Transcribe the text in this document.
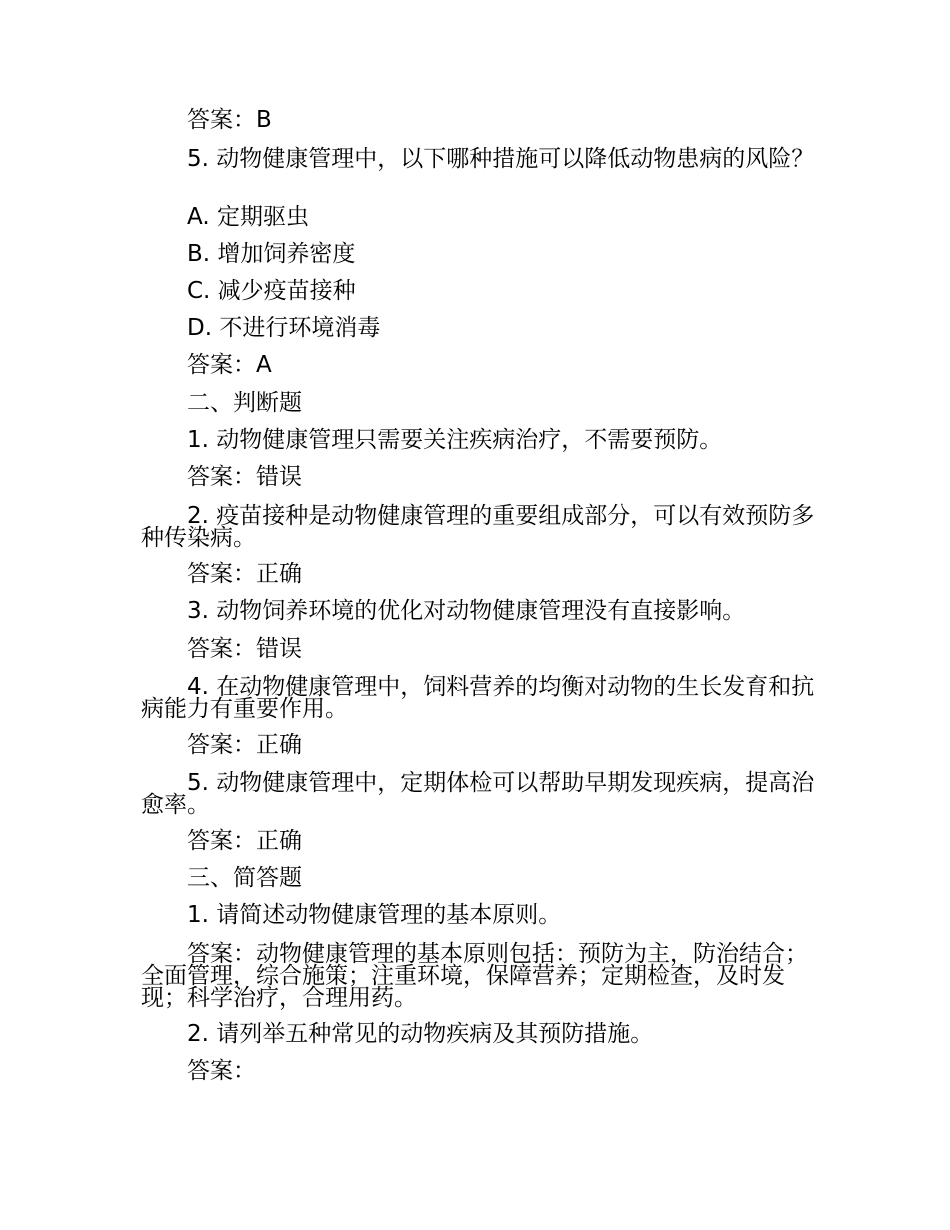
答案：B
5. 动物健康管理中，以下哪种措施可以降低动物患病的风险？
A. 定期驱虫
B. 增加饲养密度
C. 减少疫苗接种
D. 不进行环境消毒
答案：A
二、判断题
1. 动物健康管理只需要关注疾病治疗，不需要预防。
答案：错误
2. 疫苗接种是动物健康管理的重要组成部分，可以有效预防多种传染病。
答案：正确
3. 动物饲养环境的优化对动物健康管理没有直接影响。
答案：错误
4. 在动物健康管理中，饲料营养的均衡对动物的生长发育和抗病能力有重要作用。
答案：正确
5. 动物健康管理中，定期体检可以帮助早期发现疾病，提高治愈率。
答案：正确
三、简答题
1. 请简述动物健康管理的基本原则。
答案：动物健康管理的基本原则包括：预防为主，防治结合；全面管理，综合施策；注重环境，保障营养；定期检查，及时发现；科学治疗，合理用药。
2. 请列举五种常见的动物疾病及其预防措施。
答案：
